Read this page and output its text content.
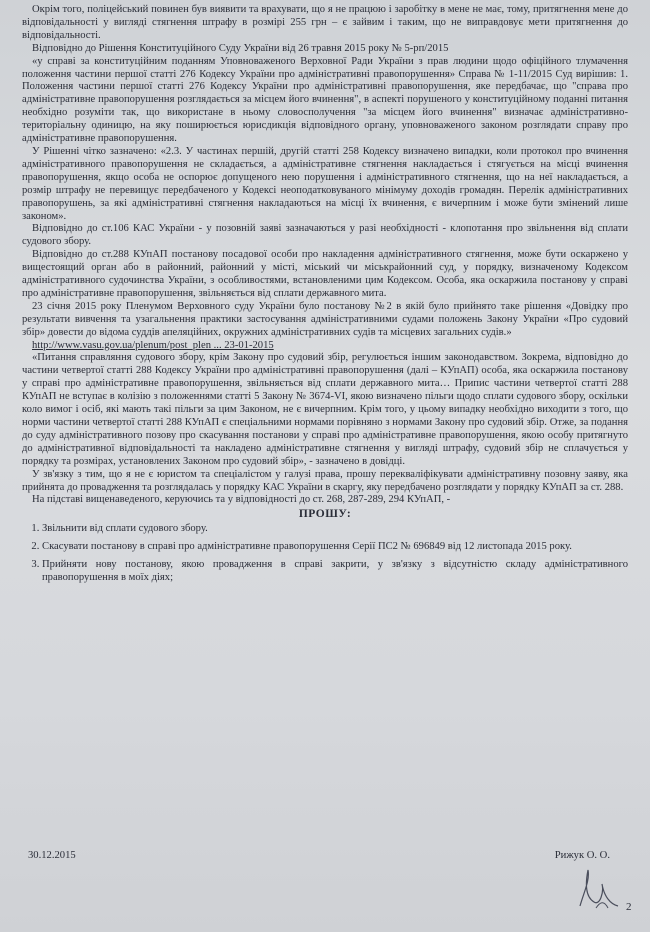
Окрім того, поліцейський повинен був виявити та врахувати, що я не працюю і заробітку в мене не має, тому, притягнення мене до відповідальності у вигляді стягнення штрафу в розмірі 255 грн – є зайвим і таким, що не виправдовує мети притягнення до відповідальності.

Відповідно до Рішення Конституційного Суду України від 26 травня 2015 року № 5-рп/2015

«у справі за конституційним поданням Уповноваженого Верховної Ради України з прав людини щодо офіційного тлумачення положення частини першої статті 276 Кодексу України про адміністративні правопорушення» Справа № 1-11/2015 Суд вирішив: 1. Положення частини першої статті 276 Кодексу України про адміністративні правопорушення, яке передбачає, що "справа про адміністративне правопорушення розглядається за місцем його вчинення", в аспекті порушеного у конституційному поданні питання необхідно розуміти так, що використане в ньому словосполучення "за місцем його вчинення" визначає адміністративно-територіальну одиницю, на яку поширюється юрисдикція відповідного органу, уповноваженого законом розглядати справу про адміністративне правопорушення.

У Рішенні чітко зазначено: «2.3. У частинах першій, другій статті 258 Кодексу визначено випадки, коли протокол про вчинення адміністративного правопорушення не складається, а адміністративне стягнення накладається і стягується на місці вчинення правопорушення, якщо особа не оспорює допущеного нею порушення і адміністративного стягнення, що на неї накладається, а розмір штрафу не перевищує передбаченого у Кодексі неоподатковуваного мінімуму доходів громадян. Перелік адміністративних правопорушень, за які адміністративні стягнення накладаються на місці їх вчинення, є вичерпним і може бути змінений лише законом».

Відповідно до ст.106 КАС України - у позовній заяві зазначаються у разі необхідності - клопотання про звільнення від сплати судового збору.

Відповідно до ст.288 КУпАП постанову посадової особи про накладення адміністративного стягнення, може бути оскаржено у вищестоящий орган або в районний, районний у місті, міський чи міськрайонний суд, у порядку, визначеному Кодексом адміністративного судочинства України, з особливостями, встановленими цим Кодексом. Особа, яка оскаржила постанову у справі про адміністративне правопорушення, звільняється від сплати державного мита.

23 січня 2015 року Пленумом Верховного суду України було постанову №2 в якій було прийнято таке рішення «Довідку про результати вивчення та узагальнення практики застосування адміністративними судами положень Закону України «Про судовий збір» довести до відома суддів апеляційних, окружних адміністративних судів та місцевих загальних судів.»

http://www.vasu.gov.ua/plenum/post_plen ... 23-01-2015

«Питання справляння судового збору, крім Закону про судовий збір, регулюється іншим законодавством. Зокрема, відповідно до частини четвертої статті 288 Кодексу України про адміністративні правопорушення (далі – КУпАП) особа, яка оскаржила постанову у справі про адміністративне правопорушення, звільняється від сплати державного мита… Припис частини четвертої статті 288 КУпАП не вступає в колізію з положеннями статті 5 Закону № 3674-VI, якою визначено пільги щодо сплати судового збору, оскільки коло вимог і осіб, які мають такі пільги за цим Законом, не є вичерпним. Крім того, у цьому випадку необхідно виходити з того, що норми частини четвертої статті 288 КУпАП є спеціальними нормами порівняно з нормами Закону про судовий збір. Отже, за подання до суду адміністративного позову про скасування постанови у справі про адміністративне правопорушення, якою особу притягнуто до адміністративної відповідальності та накладено адміністративне стягнення у вигляді штрафу, судовий збір не сплачується у порядку та розмірах, установлених Законом про судовий збір», - зазначено в довідці.

У зв'язку з тим, що я не є юристом та спеціалістом у галузі права, прошу перекваліфікувати адміністративну позовну заяву, яка прийнята до провадження та розглядалась у порядку КАС України в скаргу, яку передбачено розглядати у порядку КУпАП за ст. 288.

На підставі вищенаведеного, керуючись та у відповідності до ст. 268, 287-289, 294 КУпАП, -

ПРОШУ:
1. Звільнити від сплати судового збору.
2. Скасувати постанову в справі про адміністративне правопорушення Серії ПС2 № 696849 від 12 листопада 2015 року.
3. Прийняти нову постанову, якою провадження в справі закрити, у зв'язку з відсутністю складу адміністративного правопорушення в моїх діях;
30.12.2015	Рижук О. О.
2
